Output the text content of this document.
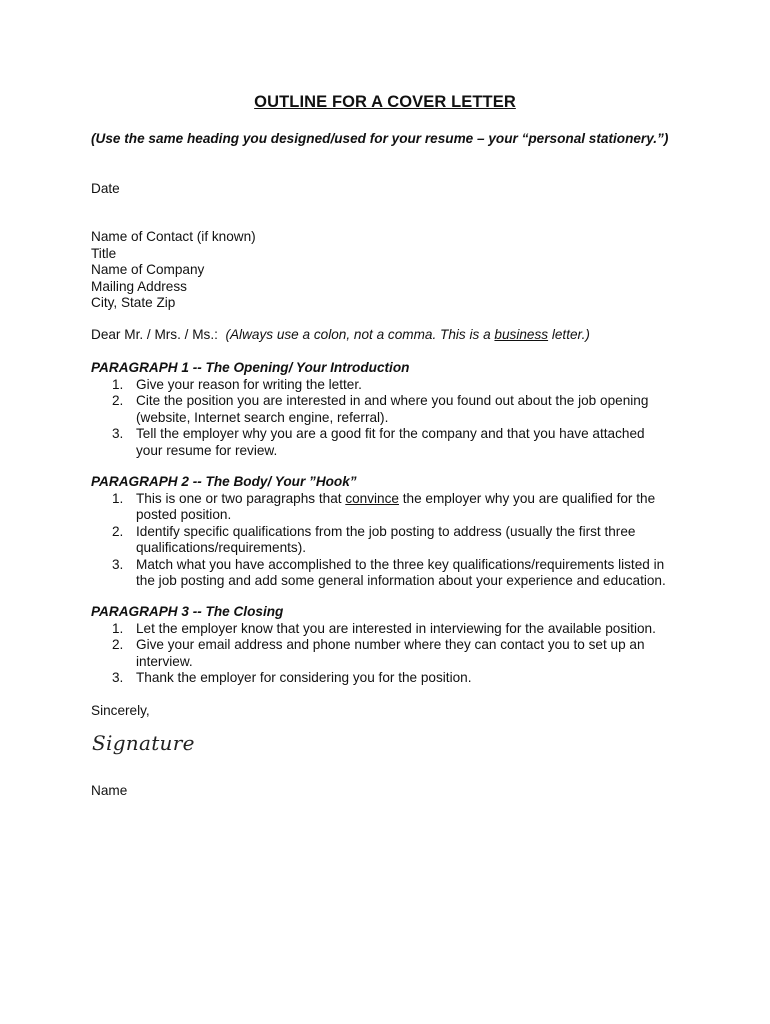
OUTLINE FOR A COVER LETTER
(Use the same heading you designed/used for your resume – your “personal stationery.”)
Date
Name of Contact (if known)
Title
Name of Company
Mailing Address
City, State Zip
Dear Mr. / Mrs. / Ms.: (Always use a colon, not a comma. This is a business letter.)
PARAGRAPH 1 -- The Opening/ Your Introduction
1. Give your reason for writing the letter.
2. Cite the position you are interested in and where you found out about the job opening (website, Internet search engine, referral).
3. Tell the employer why you are a good fit for the company and that you have attached your resume for review.
PARAGRAPH 2 -- The Body/ Your ”Hook”
1. This is one or two paragraphs that convince the employer why you are qualified for the posted position.
2. Identify specific qualifications from the job posting to address (usually the first three qualifications/requirements).
3. Match what you have accomplished to the three key qualifications/requirements listed in the job posting and add some general information about your experience and education.
PARAGRAPH 3 -- The Closing
1. Let the employer know that you are interested in interviewing for the available position.
2. Give your email address and phone number where they can contact you to set up an interview.
3. Thank the employer for considering you for the position.
Sincerely,
Signature
Name
